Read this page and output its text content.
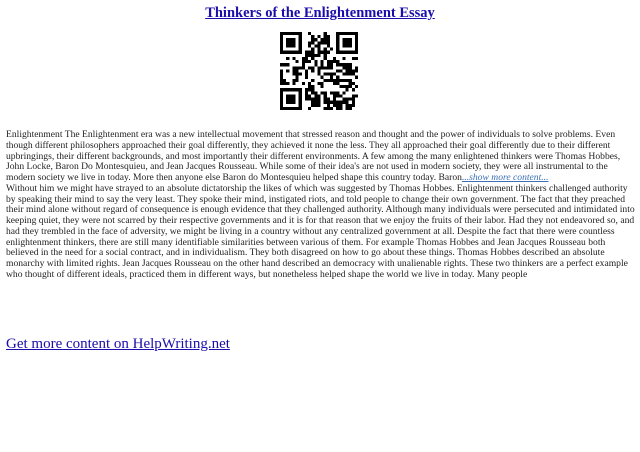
Thinkers of the Enlightenment Essay

Enlightenment The Enlightenment era was a new intellectual movement that stressed reason and thought and the power of individuals to solve problems. Even though different philosophers approached their goal differently, they achieved it none the less. They all approached their goal differently due to their different upbringings, their different backgrounds, and most importantly their different environments. A few among the many enlightened thinkers were Thomas Hobbes, John Locke, Baron Do Montesquieu, and Jean Jacques Rousseau. While some of their idea's are not used in modern society, they were all instrumental to the modern society we live in today. More then anyone else Baron do Montesquieu helped shape this country today. Baron...show more content...

Without him we might have strayed to an absolute dictatorship the likes of which was suggested by Thomas Hobbes. Enlightenment thinkers challenged authority by speaking their mind to say the very least. They spoke their mind, instigated riots, and told people to change their own government. The fact that they preached their mind alone without regard of consequence is enough evidence that they challenged authority. Although many individuals were persecuted and intimidated into keeping quiet, they were not scarred by their respective governments and it is for that reason that we enjoy the fruits of their labor. Had they not endeavored so, and had they trembled in the face of adversity, we might be living in a country without any centralized government at all. Despite the fact that there were countless enlightenment thinkers, there are still many identifiable similarities between various of them. For example Thomas Hobbes and Jean Jacques Rousseau both believed in the need for a social contract, and in individualism. They both disagreed on how to go about these things. Thomas Hobbes described an absolute monarchy with limited rights. Jean Jacques Rousseau on the other hand described an democracy with unalienable rights. These two thinkers are a perfect example who thought of different ideals, practiced them in different ways, but nonetheless helped shape the world we live in today. Many people

Get more content on HelpWriting.net
